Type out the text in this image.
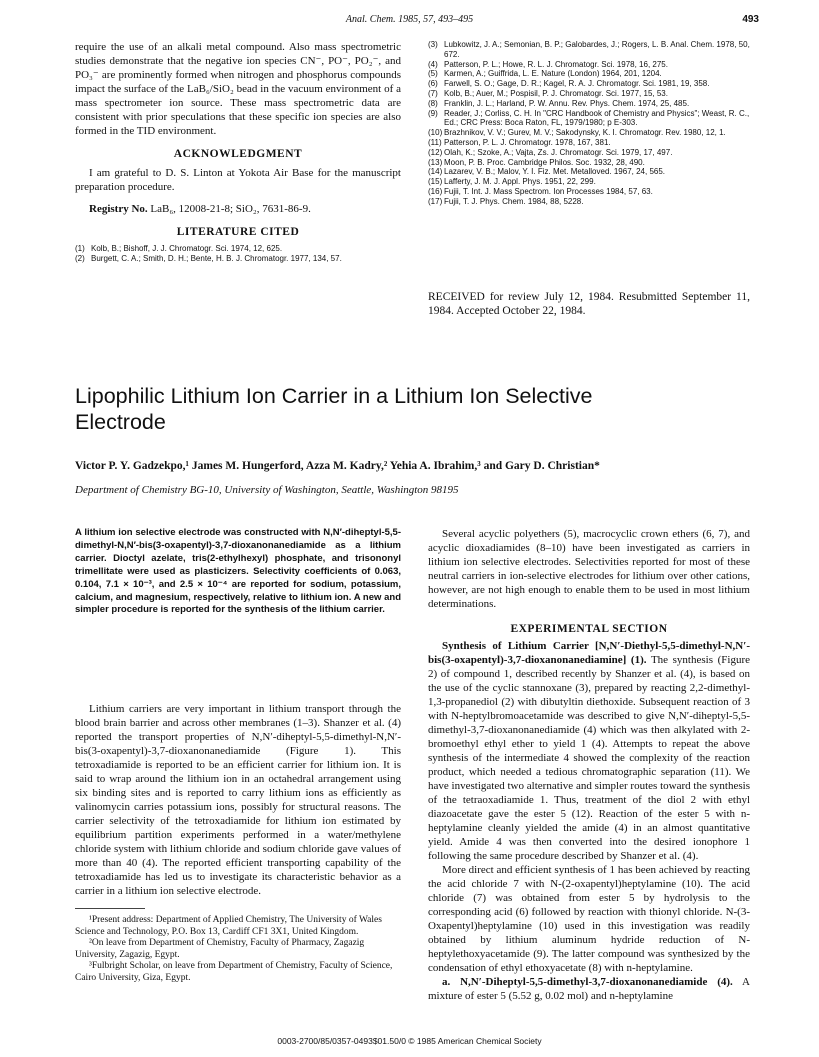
Anal. Chem. 1985, 57, 493–495	493

require the use of an alkali metal compound. Also mass spectrometric studies demonstrate that the negative ion species CN⁻, PO⁻, PO₂⁻, and PO₃⁻ are prominently formed when nitrogen and phosphorus compounds impact the surface of the LaB₆/SiO₂ bead in the vacuum environment of a mass spectrometer ion source. These mass spectrometric data are consistent with prior speculations that these specific ion species are also formed in the TID environment.

ACKNOWLEDGMENT

I am grateful to D. S. Linton at Yokota Air Base for the manuscript preparation procedure.

Registry No. LaB₆, 12008-21-8; SiO₂, 7631-86-9.

LITERATURE CITED
(1) Kolb, B.; Bishoff, J. J. Chromatogr. Sci. 1974, 12, 625.
(2) Burgett, C. A.; Smith, D. H.; Bente, H. B. J. Chromatogr. 1977, 134, 57.
(3) Lubkowitz, J. A.; Semonian, B. P.; Galobardes, J.; Rogers, L. B. Anal. Chem. 1978, 50, 672.
(4) Patterson, P. L.; Howe, R. L. J. Chromatogr. Sci. 1978, 16, 275.
(5) Karmen, A.; Guiffrida, L. E. Nature (London) 1964, 201, 1204.
(6) Farwell, S. O.; Gage, D. R.; Kagel, R. A. J. Chromatogr. Sci. 1981, 19, 358.
(7) Kolb, B.; Auer, M.; Pospisil, P. J. Chromatogr. Sci. 1977, 15, 53.
(8) Franklin, J. L.; Harland, P. W. Annu. Rev. Phys. Chem. 1974, 25, 485.
(9) Reader, J.; Corliss, C. H. In "CRC Handbook of Chemistry and Physics"; Weast, R. C., Ed.; CRC Press: Boca Raton, FL, 1979/1980; p E-303.
(10) Brazhnikov, V. V.; Gurev, M. V.; Sakodynsky, K. I. Chromatogr. Rev. 1980, 12, 1.
(11) Patterson, P. L. J. Chromatogr. 1978, 167, 381.
(12) Olah, K.; Szoke, A.; Vajta, Zs. J. Chromatogr. Sci. 1979, 17, 497.
(13) Moon, P. B. Proc. Cambridge Philos. Soc. 1932, 28, 490.
(14) Lazarev, V. B.; Malov, Y. I. Fiz. Met. Metalloved. 1967, 24, 565.
(15) Lafferty, J. M. J. Appl. Phys. 1951, 22, 299.
(16) Fujii, T. Int. J. Mass Spectrom. Ion Processes 1984, 57, 63.
(17) Fujii, T. J. Phys. Chem. 1984, 88, 5228.
RECEIVED for review July 12, 1984. Resubmitted September 11, 1984. Accepted October 22, 1984.
Lipophilic Lithium Ion Carrier in a Lithium Ion Selective Electrode
Victor P. Y. Gadzekpo,¹ James M. Hungerford, Azza M. Kadry,² Yehia A. Ibrahim,³ and Gary D. Christian*
Department of Chemistry BG-10, University of Washington, Seattle, Washington 98195

A lithium ion selective electrode was constructed with N,N′-diheptyl-5,5-dimethyl-N,N′-bis(3-oxapentyl)-3,7-dioxanonanediamide as a lithium carrier. Dioctyl azelate, tris(2-ethylhexyl) phosphate, and trisononyl trimellitate were used as plasticizers. Selectivity coefficients of 0.063, 0.104, 7.1 × 10⁻³, and 2.5 × 10⁻⁴ are reported for sodium, potassium, calcium, and magnesium, respectively, relative to lithium ion. A new and simpler procedure is reported for the synthesis of the lithium carrier.

Lithium carriers are very important in lithium transport through the blood brain barrier and across other membranes (1–3). Shanzer et al. (4) reported the transport properties of N,N′-diheptyl-5,5-dimethyl-N,N′-bis(3-oxapentyl)-3,7-dioxanonanediamide (Figure 1). This tetroxadiamide is reported to be an efficient carrier for lithium ion. It is said to wrap around the lithium ion in an octahedral arrangement using six binding sites and is reported to carry lithium ions as efficiently as valinomycin carries potassium ions, possibly for structural reasons. The carrier selectivity of the tetroxadiamide for lithium ion estimated by equilibrium partition experiments performed in a water/methylene chloride system with lithium chloride and sodium chloride gave values of more than 40 (4). The reported efficient transporting capability of the tetroxadiamide has led us to investigate its characteristic behavior as a carrier in a lithium ion selective electrode.

¹Present address: Department of Applied Chemistry, The University of Wales Science and Technology, P.O. Box 13, Cardiff CF1 3X1, United Kingdom.

²On leave from Department of Chemistry, Faculty of Pharmacy, Zagazig University, Zagazig, Egypt.

³Fulbright Scholar, on leave from Department of Chemistry, Faculty of Science, Cairo University, Giza, Egypt.

Several acyclic polyethers (5), macrocyclic crown ethers (6, 7), and acyclic dioxadiamides (8–10) have been investigated as carriers in lithium ion selective electrodes. Selectivities reported for most of these neutral carriers in ion-selective electrodes for lithium over other cations, however, are not high enough to enable them to be used in most lithium determinations.

EXPERIMENTAL SECTION

Synthesis of Lithium Carrier [N,N′-Diethyl-5,5-dimethyl-N,N′-bis(3-oxapentyl)-3,7-dioxanonanediamine] (1). The synthesis (Figure 2) of compound 1, described recently by Shanzer et al. (4), is based on the use of the cyclic stannoxane (3), prepared by reacting 2,2-dimethyl-1,3-propanediol (2) with dibutyltin diethoxide. Subsequent reaction of 3 with N-heptylbromoacetamide was described to give N,N′-diheptyl-5,5-dimethyl-3,7-dioxanonanediamide (4) which was then alkylated with 2-bromoethyl ethyl ether to yield 1 (4). Attempts to repeat the above synthesis of the intermediate 4 showed the complexity of the reaction product, which needed a tedious chromatographic separation (11). We have investigated two alternative and simpler routes toward the synthesis of the tetraoxadiamide 1. Thus, treatment of the diol 2 with ethyl diazoacetate gave the ester 5 (12). Reaction of the ester 5 with n-heptylamine cleanly yielded the amide (4) in an almost quantitative yield. Amide 4 was then converted into the desired ionophore 1 following the same procedure described by Shanzer et al. (4).

More direct and efficient synthesis of 1 has been achieved by reacting the acid chloride 7 with N-(2-oxapentyl)heptylamine (10). The acid chloride (7) was obtained from ester 5 by hydrolysis to the corresponding acid (6) followed by reaction with thionyl chloride. N-(3-Oxapentyl)heptylamine (10) used in this investigation was readily obtained by lithium aluminum hydride reduction of N-heptylethoxyacetamide (9). The latter compound was synthesized by the condensation of ethyl ethoxyacetate (8) with n-heptylamine.

a. N,N′-Diheptyl-5,5-dimethyl-3,7-dioxanonanediamide (4). A mixture of ester 5 (5.52 g, 0.02 mol) and n-heptylamine

0003-2700/85/0357-0493$01.50/0 © 1985 American Chemical Society
